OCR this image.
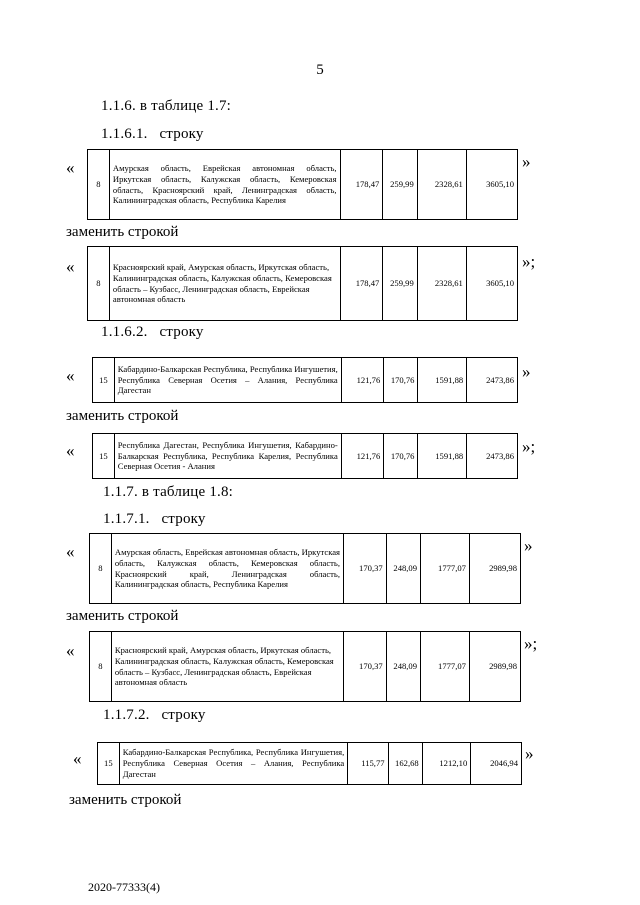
5
1.1.6. в таблице 1.7:
1.1.6.1.   строку
«
8	Амурская область, Еврейская автономная область, Иркутская область, Калужская область, Кемеровская область, Красноярский край, Ленинградская область, Калининградская область, Республика Карелия	178,47	259,99	2328,61	3605,10
»
заменить строкой
«
8	Красноярский край, Амурская область, Иркутская область, Калининградская область, Калужская область, Кемеровская область – Кузбасс, Ленинградская область, Еврейская автономная область	178,47	259,99	2328,61	3605,10
»;
1.1.6.2.   строку
«	15	Кабардино-Балкарская Республика, Республика Ингушетия, Республика Северная Осетия – Алания, Республика Дагестан	121,76	170,76	1591,88	2473,86 »
заменить строкой
«	15	Республика Дагестан, Республика Ингушетия, Кабардино-Балкарская Республика, Республика Карелия, Республика Северная Осетия - Алания	121,76	170,76	1591,88	2473,86 »;
1.1.7. в таблице 1.8:
1.1.7.1.   строку
«
8	Амурская область, Еврейская автономная область, Иркутская область, Калужская область, Кемеровская область, Красноярский край, Ленинградская область, Калининградская область, Республика Карелия	170,37	248,09	1777,07	2989,98
»
заменить строкой
«
8	Красноярский край, Амурская область, Иркутская область, Калининградская область, Калужская область, Кемеровская область – Кузбасс, Ленинградская область, Еврейская автономная область	170,37	248,09	1777,07	2989,98
»;
1.1.7.2.   строку
«	15	Кабардино-Балкарская Республика, Республика Ингушетия, Республика Северная Осетия – Алания, Республика Дагестан	115,77	162,68	1212,10	2046,94
»
заменить строкой
2020-77333(4)
